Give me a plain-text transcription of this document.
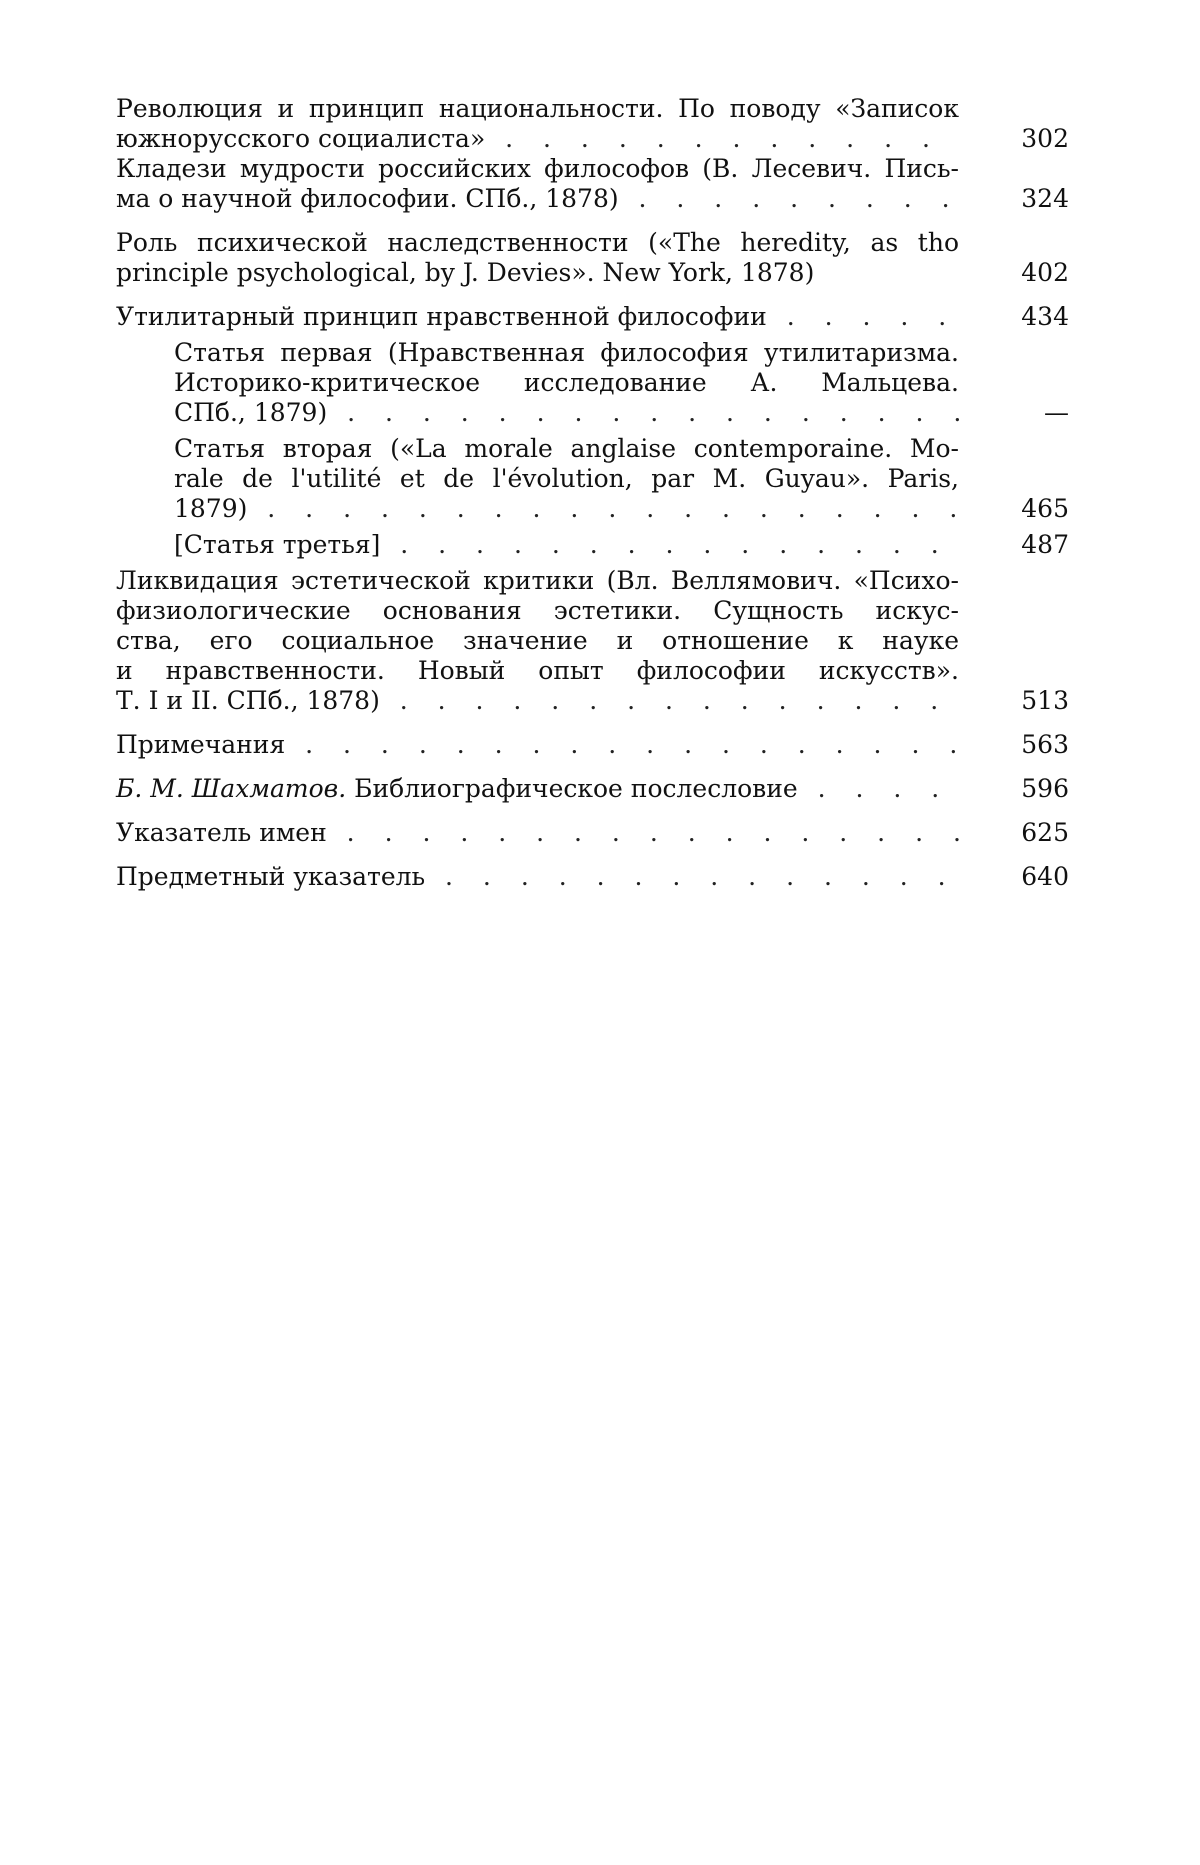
Революция и принцип национальности. По поводу «Записок
южнорусского социалиста» . . .	302
Кладези мудрости российских философов (В. Лесевич. Пись-
ма о научной философии. СПб., 1878) . . .	324
Роль психической наследственности («The heredity, as tho
principle psychological, by J. Devies». New York, 1878)	402
Утилитарный принцип нравственной философии . . .	434
Статья первая (Нравственная философия утилитаризма.
Историко-критическое исследование А. Мальцева.
СПб., 1879) . . .	—
Статья вторая («La morale anglaise contemporaine. Mo-
rale de l'utilité et de l'évolution, par M. Guyau». Paris,
1879) . . .	465
[Статья третья] . . .	487
Ликвидация эстетической критики (Вл. Веллямович. «Психо-
физиологические основания эстетики. Сущность искус-
ства, его социальное значение и отношение к науке
и нравственности. Новый опыт философии искусств».
Т. I и II. СПб., 1878) . . .	513
Примечания . . .	563
Б. М. Шахматов. Библиографическое послесловие . . .	596
Указатель имен . . .	625
Предметный указатель . . .	640
